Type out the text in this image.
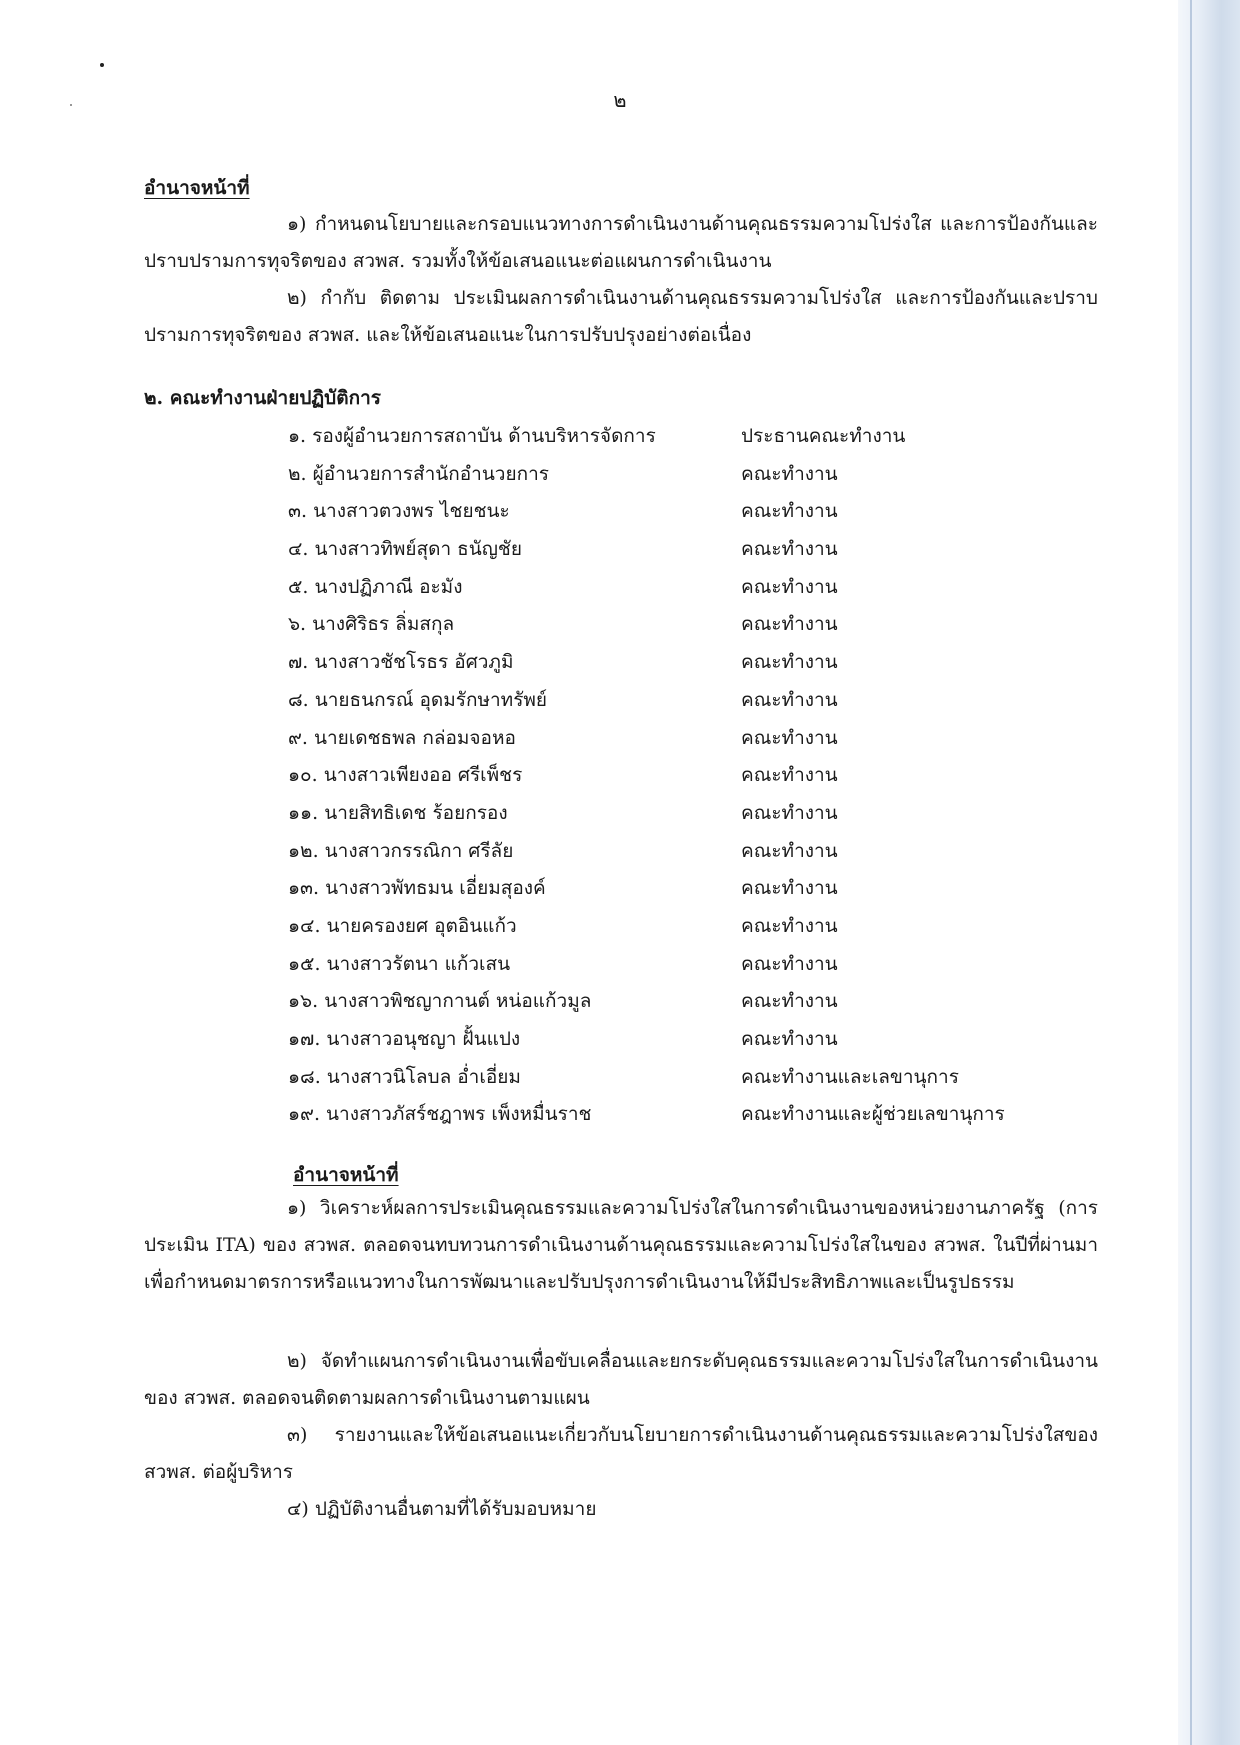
๒
อำนาจหน้าที่

๑) กำหนดนโยบายและกรอบแนวทางการดำเนินงานด้านคุณธรรมความโปร่งใส และการป้องกันและปราบปรามการทุจริตของ สวพส. รวมทั้งให้ข้อเสนอแนะต่อแผนการดำเนินงาน

๒) กำกับ ติดตาม ประเมินผลการดำเนินงานด้านคุณธรรมความโปร่งใส และการป้องกันและปราบปรามการทุจริตของ สวพส. และให้ข้อเสนอแนะในการปรับปรุงอย่างต่อเนื่อง

๒. คณะทำงานฝ่ายปฏิบัติการ
๑. รองผู้อำนวยการสถาบัน ด้านบริหารจัดการ	ประธานคณะทำงาน
๒. ผู้อำนวยการสำนักอำนวยการ	คณะทำงาน
๓. นางสาวตวงพร ไชยชนะ	คณะทำงาน
๔. นางสาวทิพย์สุดา ธนัญชัย	คณะทำงาน
๕. นางปฏิภาณี อะมัง	คณะทำงาน
๖. นางศิริธร ลิ่มสกุล	คณะทำงาน
๗. นางสาวชัชโรธร อัศวภูมิ	คณะทำงาน
๘. นายธนกรณ์ อุดมรักษาทรัพย์	คณะทำงาน
๙. นายเดชธพล กล่อมจอหอ	คณะทำงาน
๑๐. นางสาวเพียงออ ศรีเพ็ชร	คณะทำงาน
๑๑. นายสิทธิเดช ร้อยกรอง	คณะทำงาน
๑๒. นางสาวกรรณิกา ศรีลัย	คณะทำงาน
๑๓. นางสาวพัทธมน เอี่ยมสุองค์	คณะทำงาน
๑๔. นายครองยศ อุตอินแก้ว	คณะทำงาน
๑๕. นางสาวรัตนา แก้วเสน	คณะทำงาน
๑๖. นางสาวพิชญากานต์ หน่อแก้วมูล	คณะทำงาน
๑๗. นางสาวอนุชญา ฝั้นแปง	คณะทำงาน
๑๘. นางสาวนิโลบล อ่ำเอี่ยม	คณะทำงานและเลขานุการ
๑๙. นางสาวภัสร์ชฎาพร เพ็งหมื่นราช	คณะทำงานและผู้ช่วยเลขานุการ
อำนาจหน้าที่

๑) วิเคราะห์ผลการประเมินคุณธรรมและความโปร่งใสในการดำเนินงานของหน่วยงานภาครัฐ (การประเมิน ITA) ของ สวพส. ตลอดจนทบทวนการดำเนินงานด้านคุณธรรมและความโปร่งใสในของ สวพส. ในปีที่ผ่านมา เพื่อกำหนดมาตรการหรือแนวทางในการพัฒนาและปรับปรุงการดำเนินงานให้มีประสิทธิภาพและเป็นรูปธรรม

๒) จัดทำแผนการดำเนินงานเพื่อขับเคลื่อนและยกระดับคุณธรรมและความโปร่งใสในการดำเนินงานของ สวพส. ตลอดจนติดตามผลการดำเนินงานตามแผน

๓) รายงานและให้ข้อเสนอแนะเกี่ยวกับนโยบายการดำเนินงานด้านคุณธรรมและความโปร่งใสของ สวพส. ต่อผู้บริหาร

๔) ปฏิบัติงานอื่นตามที่ได้รับมอบหมาย
